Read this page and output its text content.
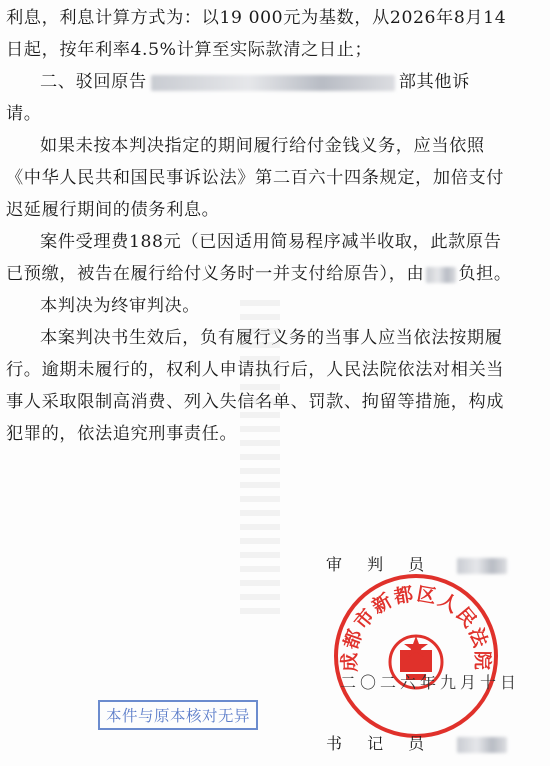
利息，利息计算方式为：以19 000元为基数，从2026年8月14
日起，按年利率4.5%计算至实际款清之日止；
二、驳回原告	部其他诉
请。
如果未按本判决指定的期间履行给付金钱义务，应当依照
《中华人民共和国民事诉讼法》第二百六十四条规定，加倍支付
迟延履行期间的债务利息。
案件受理费188元（已因适用简易程序减半收取，此款原告
已预缴，被告在履行给付义务时一并支付给原告），由 负担。
本判决为终审判决。
本案判决书生效后，负有履行义务的当事人应当依法按期履
行。逾期未履行的，权利人申请执行后，人民法院依法对相关当
事人采取限制高消费、列入失信名单、罚款、拘留等措施，构成
犯罪的，依法追究刑事责任。
审 判 员
成都市新都区人民法院
二〇二六年九月十日
本件与原本核对无异
书 记 员
